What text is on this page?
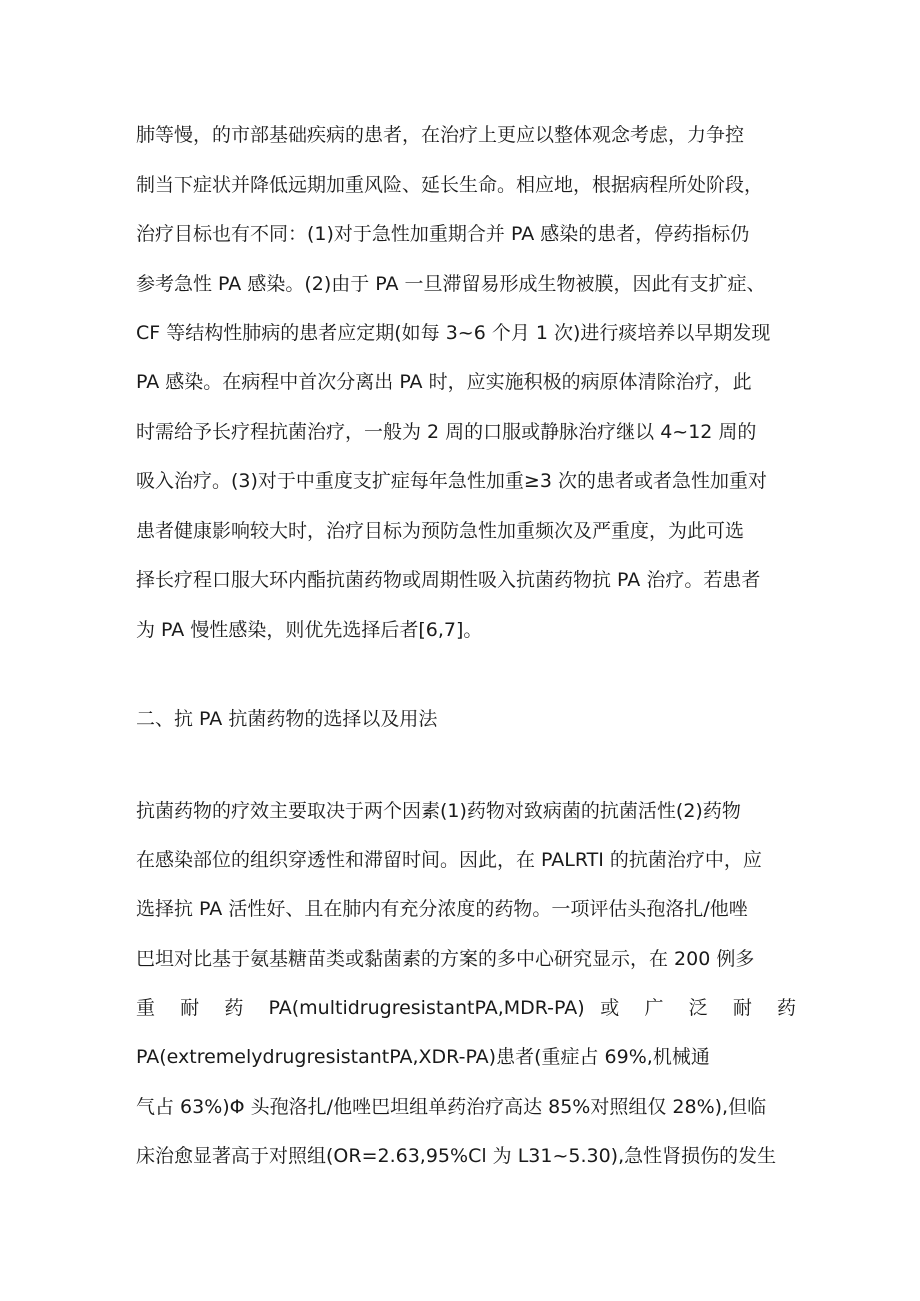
肺等慢，的市部基础疾病的患者，在治疗上更应以整体观念考虑，力争控
制当下症状并降低远期加重风险、延长生命。相应地，根据病程所处阶段，
治疗目标也有不同：(1)对于急性加重期合并 PA 感染的患者，停药指标仍
参考急性 PA 感染。(2)由于 PA 一旦滞留易形成生物被膜，因此有支扩症、
CF 等结构性肺病的患者应定期(如每 3~6 个月 1 次)进行痰培养以早期发现
PA 感染。在病程中首次分离出 PA 时，应实施积极的病原体清除治疗，此
时需给予长疗程抗菌治疗，一般为 2 周的口服或静脉治疗继以 4~12 周的
吸入治疗。(3)对于中重度支扩症每年急性加重≥3 次的患者或者急性加重对
患者健康影响较大时，治疗目标为预防急性加重频次及严重度，为此可选
择长疗程口服大环内酯抗菌药物或周期性吸入抗菌药物抗 PA 治疗。若患者
为 PA 慢性感染，则优先选择后者[6,7]。
二、抗 PA 抗菌药物的选择以及用法
抗菌药物的疗效主要取决于两个因素(1)药物对致病菌的抗菌活性(2)药物
在感染部位的组织穿透性和滞留时间。因此，在 PALRTI 的抗菌治疗中，应
选择抗 PA 活性好、且在肺内有充分浓度的药物。一项评估头孢洛扎/他唑
巴坦对比基于氨基糖苗类或黏菌素的方案的多中心研究显示，在 200 例多
重 耐 药 PA(multidrugresistantPA,MDR-PA) 或 广 泛 耐 药
PA(extremelydrugresistantPA,XDR-PA)患者(重症占 69%,机械通
气占 63%)Φ 头孢洛扎/他唑巴坦组单药治疗高达 85%对照组仅 28%),但临
床治愈显著高于对照组(OR=2.63,95%Cl 为 L31~5.30),急性肾损伤的发生
